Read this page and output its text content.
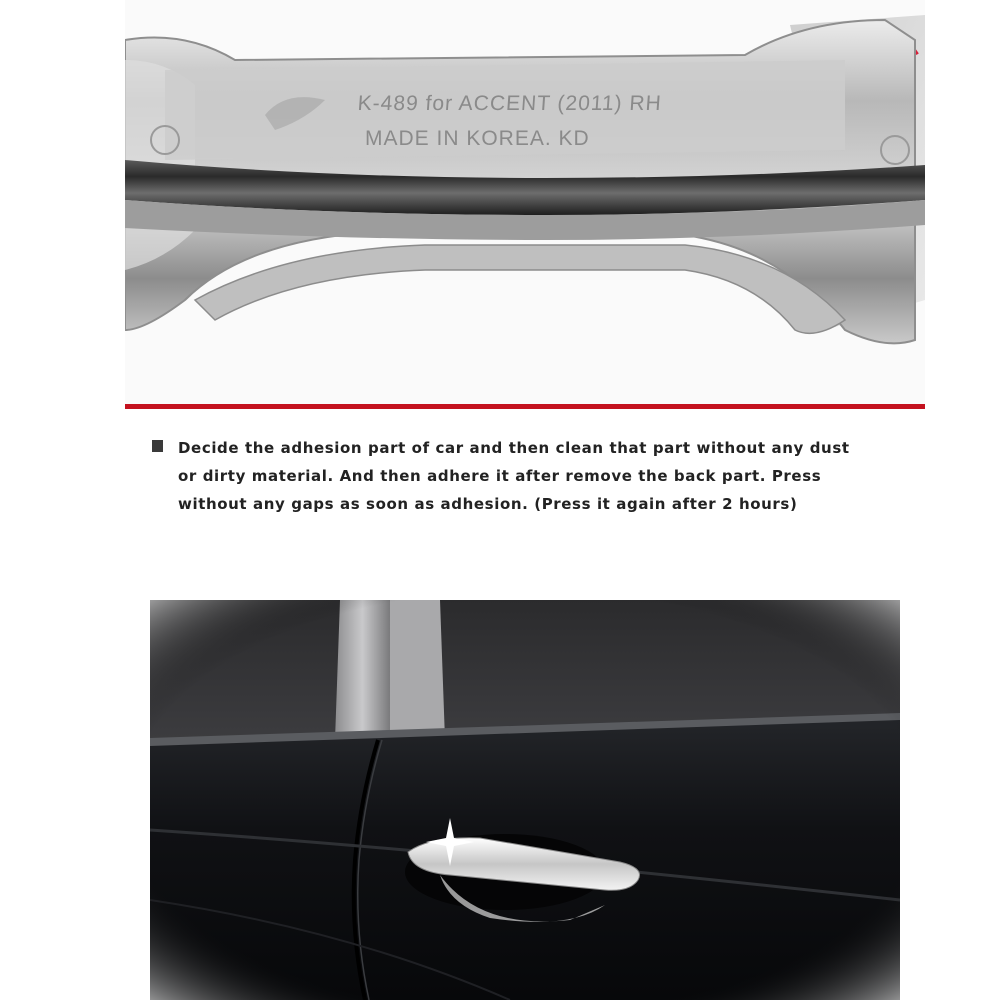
K-489 for ACCENT (2011) RH
MADE IN KOREA. KD
Decide the adhesion part of car and then clean that part without any dust or dirty material. And then adhere it after remove the back part. Press without any gaps as soon as adhesion. (Press it again after 2 hours)
